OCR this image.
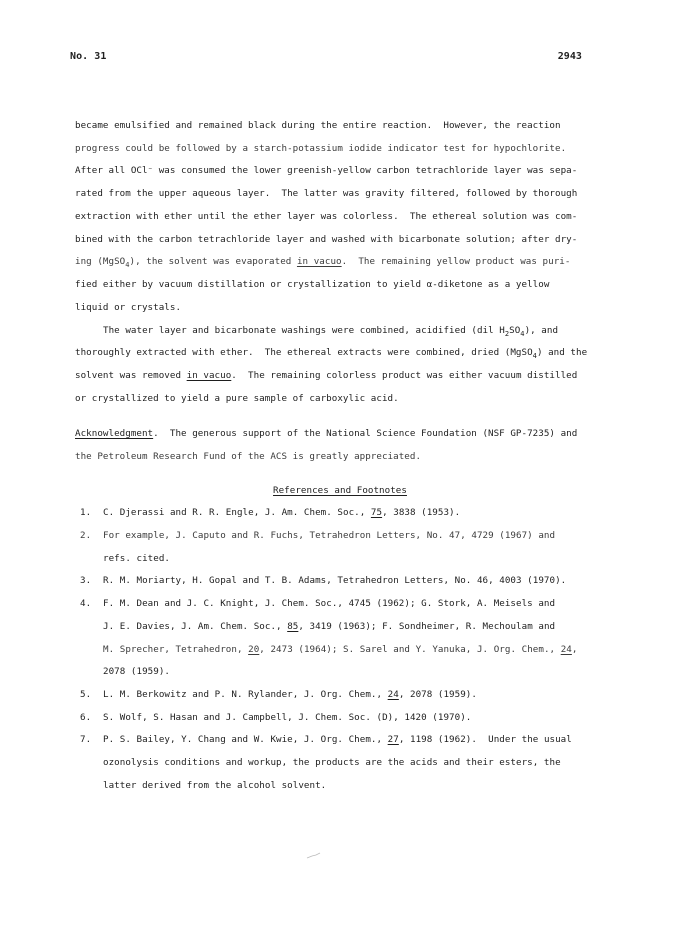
No. 31	2943
became emulsified and remained black during the entire reaction.  However, the reaction
progress could be followed by a starch-potassium iodide indicator test for hypochlorite.
After all OCl⁻ was consumed the lower greenish-yellow carbon tetrachloride layer was sepa-
rated from the upper aqueous layer.  The latter was gravity filtered, followed by thorough
extraction with ether until the ether layer was colorless.  The ethereal solution was com-
bined with the carbon tetrachloride layer and washed with bicarbonate solution; after dry-
ing (MgSO$_4$), the solvent was evaporated in vacuo.  The remaining yellow product was puri-
fied either by vacuum distillation or crystallization to yield α-diketone as a yellow
liquid or crystals.
The water layer and bicarbonate washings were combined, acidified (dil $H_2SO_4$), and
thoroughly extracted with ether.  The ethereal extracts were combined, dried (MgSO$_4$) and the
solvent was removed in vacuo.  The remaining colorless product was either vacuum distilled
or crystallized to yield a pure sample of carboxylic acid.
Acknowledgment.  The generous support of the National Science Foundation (NSF GP-7235) and
the Petroleum Research Fund of the ACS is greatly appreciated.
References and Footnotes
1. C. Djerassi and R. R. Engle, J. Am. Chem. Soc., 75, 3838 (1953).
2. For example, J. Caputo and R. Fuchs, Tetrahedron Letters, No. 47, 4729 (1967) and
refs. cited.
3. R. M. Moriarty, H. Gopal and T. B. Adams, Tetrahedron Letters, No. 46, 4003 (1970).
4. F. M. Dean and J. C. Knight, J. Chem. Soc., 4745 (1962); G. Stork, A. Meisels and
J. E. Davies, J. Am. Chem. Soc., 85, 3419 (1963); F. Sondheimer, R. Mechoulam and
M. Sprecher, Tetrahedron, 20, 2473 (1964); S. Sarel and Y. Yanuka, J. Org. Chem., 24,
2078 (1959).
5. L. M. Berkowitz and P. N. Rylander, J. Org. Chem., 24, 2078 (1959).
6. S. Wolf, S. Hasan and J. Campbell, J. Chem. Soc. (D), 1420 (1970).
7. P. S. Bailey, Y. Chang and W. Kwie, J. Org. Chem., 27, 1198 (1962).  Under the usual
ozonolysis conditions and workup, the products are the acids and their esters, the
latter derived from the alcohol solvent.
